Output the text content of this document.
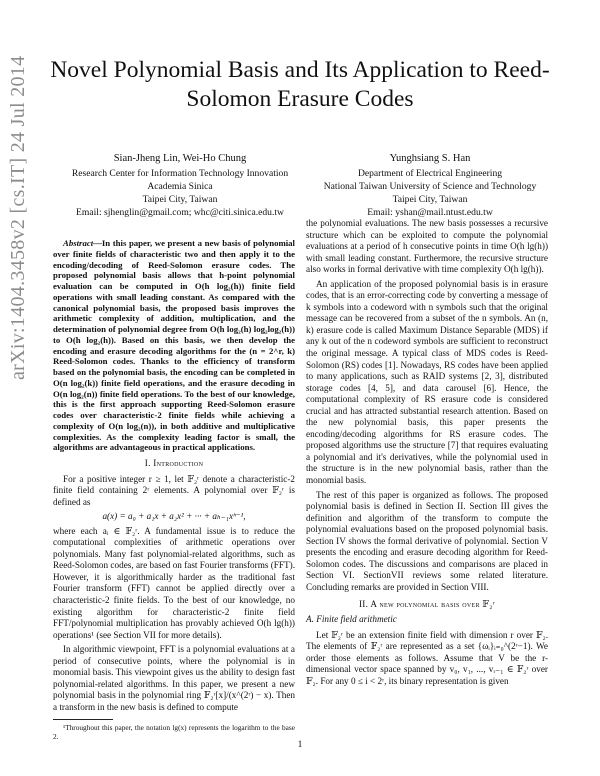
arXiv:1404.3458v2 [cs.IT] 24 Jul 2014 Novel Polynomial Basis and Its Application to Reed-Solomon Erasure Codes
Sian-Jheng Lin, Wei-Ho Chung
Research Center for Information Technology Innovation
Academia Sinica
Taipei City, Taiwan
Email: sjhenglin@gmail.com; whc@citi.sinica.edu.tw
Yunghsiang S. Han
Department of Electrical Engineering
National Taiwan University of Science and Technology
Taipei City, Taiwan
Email: yshan@mail.ntust.edu.tw

Abstract—In this paper, we present a new basis of polynomial over finite fields of characteristic two and then apply it to the encoding/decoding of Reed-Solomon erasure codes. The proposed polynomial basis allows that h-point polynomial evaluation can be computed in O(h log₂(h)) finite field operations with small leading constant. As compared with the canonical polynomial basis, the proposed basis improves the arithmetic complexity of addition, multiplication, and the determination of polynomial degree from O(h log₂(h) log₂log₂(h)) to O(h log₂(h)). Based on this basis, we then develop the encoding and erasure decoding algorithms for the (n = 2^r, k) Reed-Solomon codes. Thanks to the efficiency of transform based on the polynomial basis, the encoding can be completed in O(n log₂(k)) finite field operations, and the erasure decoding in O(n log₂(n)) finite field operations. To the best of our knowledge, this is the first approach supporting Reed-Solomon erasure codes over characteristic-2 finite fields while achieving a complexity of O(n log₂(n)), in both additive and multiplicative complexities. As the complexity leading factor is small, the algorithms are advantageous in practical applications.

I. Introduction

For a positive integer r ≥ 1, let 𝔽₂ʳ denote a characteristic-2 finite field containing 2ʳ elements. A polynomial over 𝔽₂ʳ is defined as

a(x) = a₀ + a₁x + a₂x² + ··· + aₕ₋₁xʰ⁻¹,

where each aᵢ ∈ 𝔽₂ʳ. A fundamental issue is to reduce the computational complexities of arithmetic operations over polynomials. Many fast polynomial-related algorithms, such as Reed-Solomon codes, are based on fast Fourier transforms (FFT). However, it is algorithmically harder as the traditional fast Fourier transform (FFT) cannot be applied directly over a characteristic-2 finite fields. To the best of our knowledge, no existing algorithm for characteristic-2 finite field FFT/polynomial multiplication has provably achieved O(h lg(h)) operations¹ (see Section VII for more details).

In algorithmic viewpoint, FFT is a polynomial evaluations at a period of consecutive points, where the polynomial is in monomial basis. This viewpoint gives us the ability to design fast polynomial-related algorithms. In this paper, we present a new polynomial basis in the polynomial ring 𝔽₂ʳ[x]/(x^(2ʳ) − x). Then a transform in the new basis is defined to compute

¹Throughout this paper, the notation lg(x) represents the logarithm to the base 2.

the polynomial evaluations. The new basis possesses a recursive structure which can be exploited to compute the polynomial evaluations at a period of h consecutive points in time O(h lg(h)) with small leading constant. Furthermore, the recursive structure also works in formal derivative with time complexity O(h lg(h)).

An application of the proposed polynomial basis is in erasure codes, that is an error-correcting code by converting a message of k symbols into a codeword with n symbols such that the original message can be recovered from a subset of the n symbols. An (n, k) erasure code is called Maximum Distance Separable (MDS) if any k out of the n codeword symbols are sufficient to reconstruct the original message. A typical class of MDS codes is Reed-Solomon (RS) codes [1]. Nowadays, RS codes have been applied to many applications, such as RAID systems [2, 3], distributed storage codes [4, 5], and data carousel [6]. Hence, the computational complexity of RS erasure code is considered crucial and has attracted substantial research attention. Based on the new polynomial basis, this paper presents the encoding/decoding algorithms for RS erasure codes. The proposed algorithms use the structure [7] that requires evaluating a polynomial and it's derivatives, while the polynomial used in the structure is in the new polynomial basis, rather than the monomial basis.

The rest of this paper is organized as follows. The proposed polynomial basis is defined in Section II. Section III gives the definition and algorithm of the transform to compute the polynomial evaluations based on the proposed polynomial basis. Section IV shows the formal derivative of polynomial. Section V presents the encoding and erasure decoding algorithm for Reed-Solomon codes. The discussions and comparisons are placed in Section VI. SectionVII reviews some related literature. Concluding remarks are provided in Section VIII.

II. A new polynomial basis over 𝔽₂ʳ
A. Finite field arithmetic

Let 𝔽₂ʳ be an extension finite field with dimension r over 𝔽₂. The elements of 𝔽₂ʳ are represented as a set {ωᵢ}ᵢ₌₀^(2ʳ−1). We order those elements as follows. Assume that V be the r-dimensional vector space spanned by v₀, v₁, ..., vᵣ₋₁ ∈ 𝔽₂ʳ over 𝔽₂. For any 0 ≤ i < 2ʳ, its binary representation is given

1
